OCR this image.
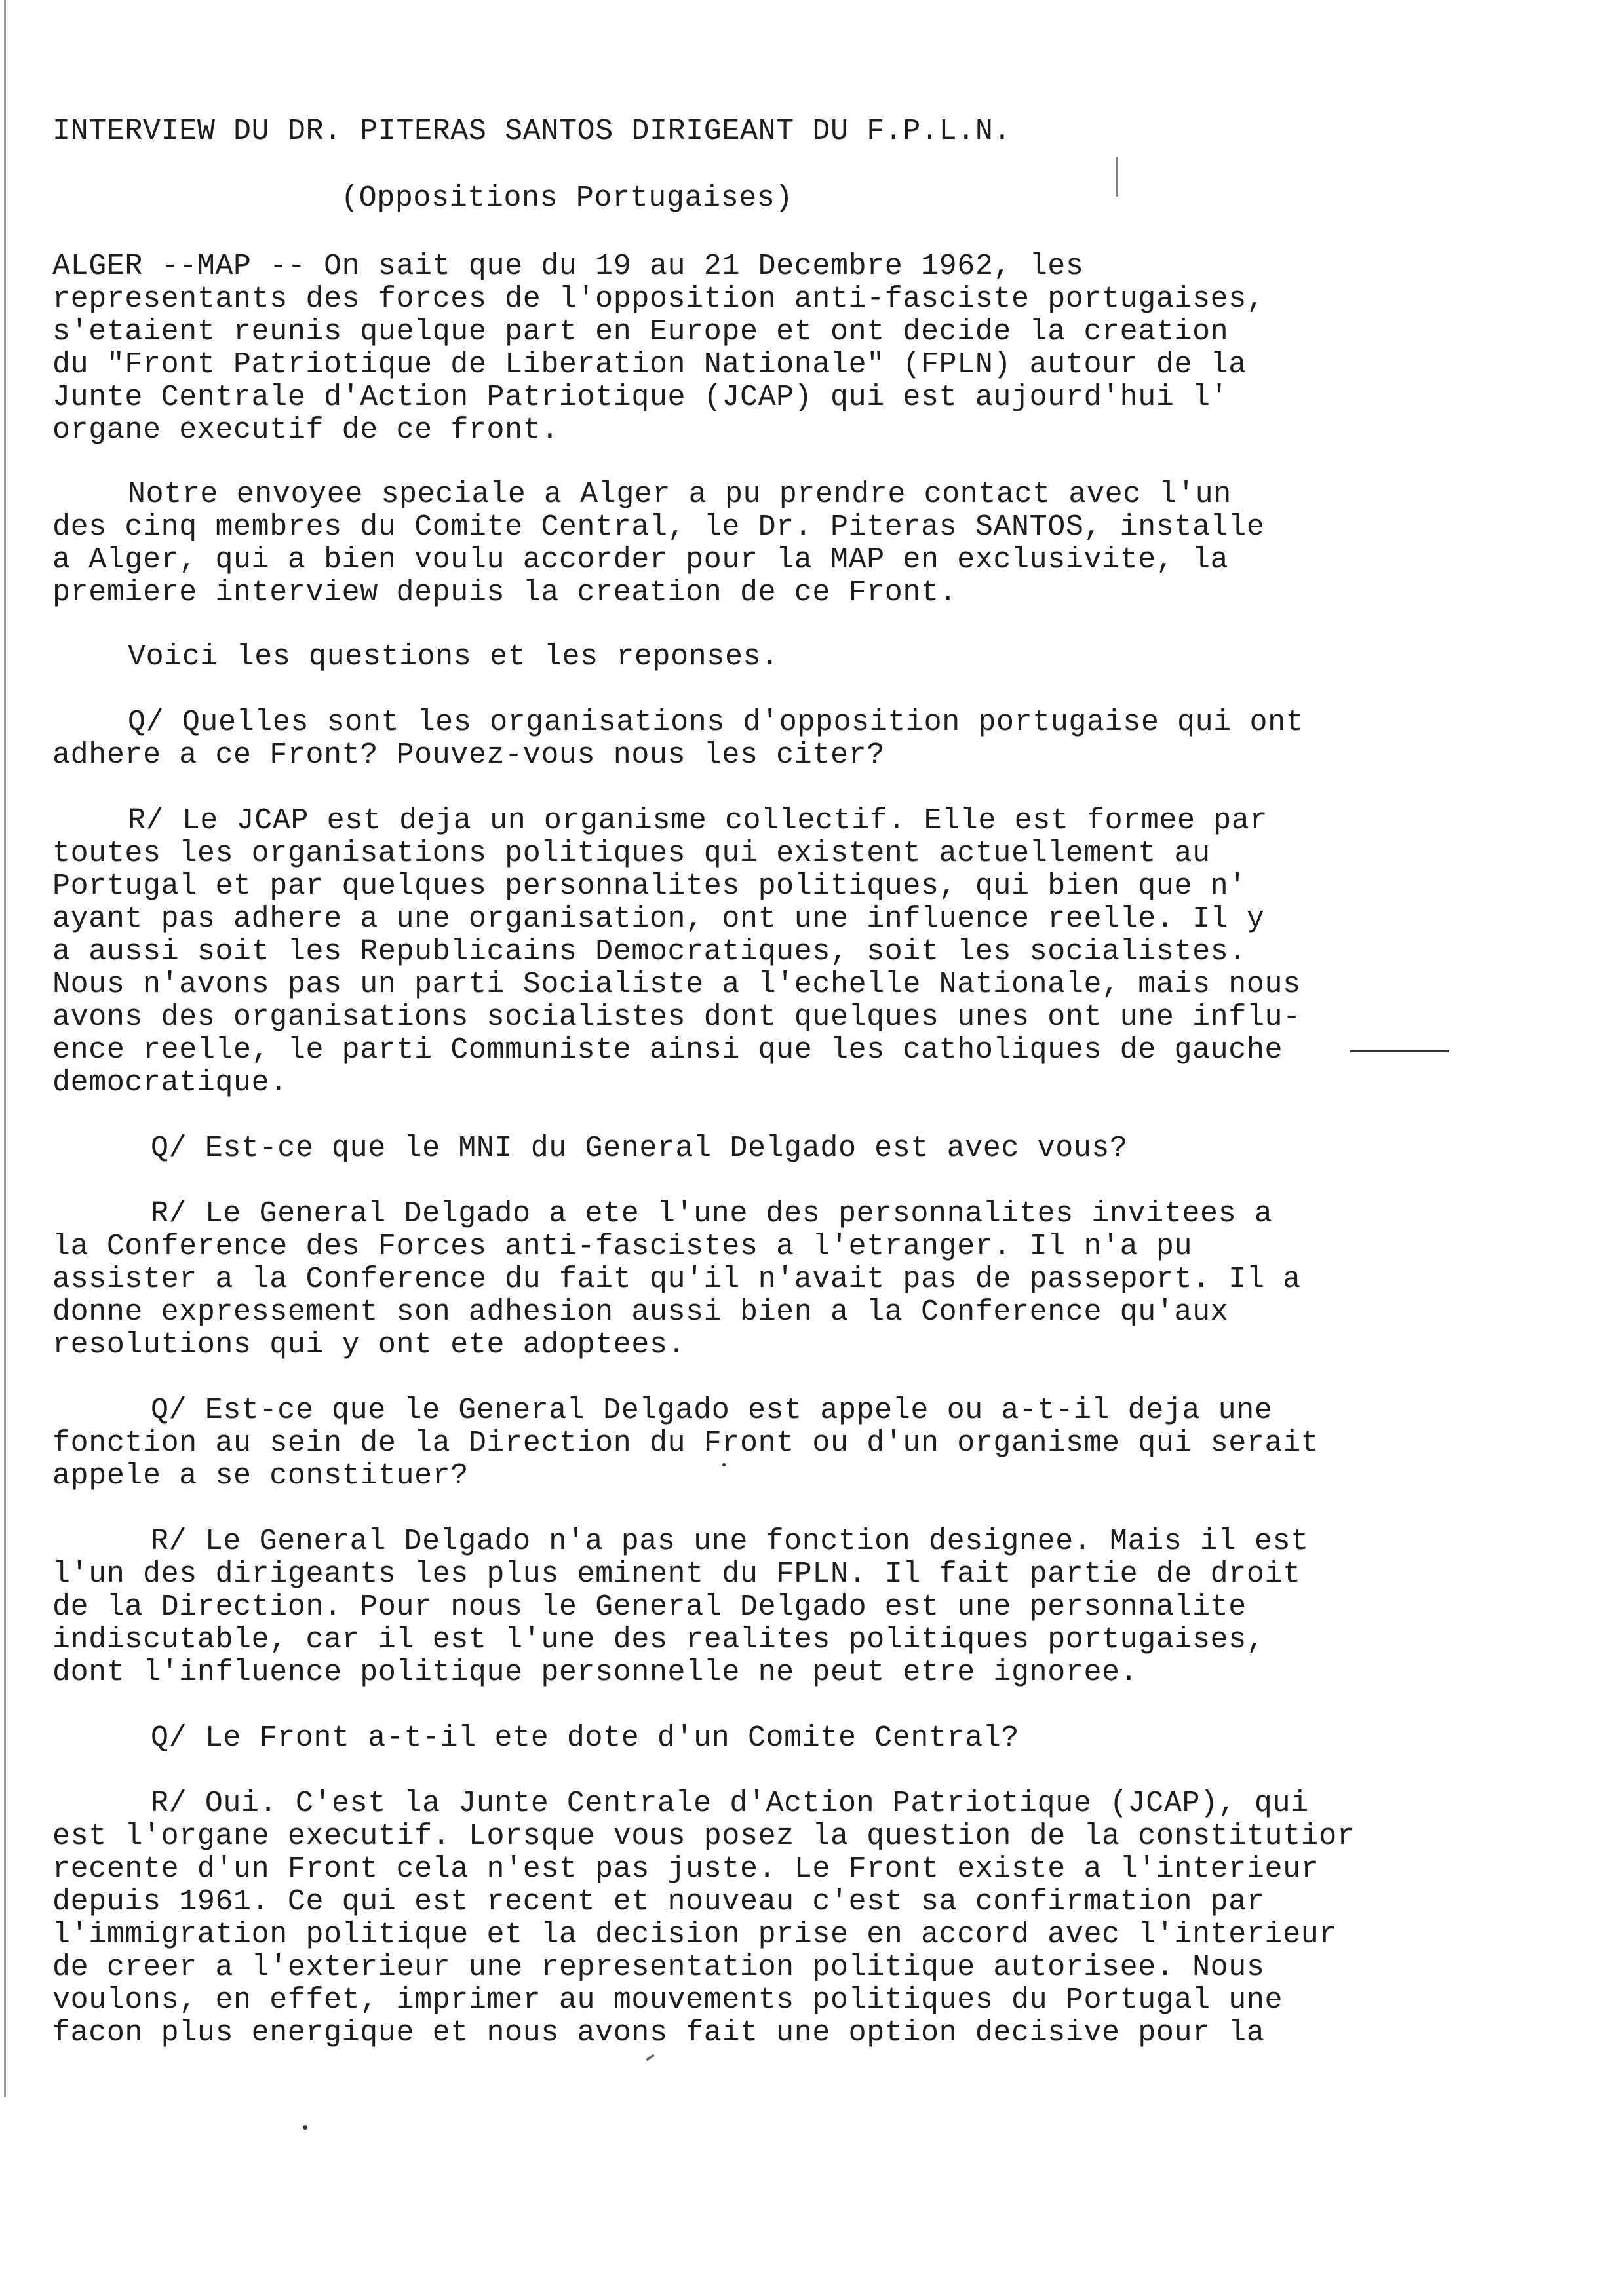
INTERVIEW DU DR. PITERAS SANTOS DIRIGEANT DU F.P.L.N.

(Oppositions Portugaises)

ALGER --MAP -- On sait que du 19 au 21 Decembre 1962, les

representants des forces de l'opposition anti-fasciste portugaises,

s'etaient reunis quelque part en Europe et ont decide la creation

du "Front Patriotique de Liberation Nationale" (FPLN) autour de la

Junte Centrale d'Action Patriotique (JCAP) qui est aujourd'hui l'

organe executif de ce front.

Notre envoyee speciale a Alger a pu prendre contact avec l'un

des cinq membres du Comite Central, le Dr. Piteras SANTOS, installe

a Alger, qui a bien voulu accorder pour la MAP en exclusivite, la

premiere interview depuis la creation de ce Front.

Voici les questions et les reponses.

Q/ Quelles sont les organisations d'opposition portugaise qui ont

adhere a ce Front? Pouvez-vous nous les citer?

R/ Le JCAP est deja un organisme collectif. Elle est formee par

toutes les organisations politiques qui existent actuellement au

Portugal et par quelques personnalites politiques, qui bien que n'

ayant pas adhere a une organisation, ont une influence reelle. Il y

a aussi soit les Republicains Democratiques, soit les socialistes.

Nous n'avons pas un parti Socialiste a l'echelle Nationale, mais nous

avons des organisations socialistes dont quelques unes ont une influ-

ence reelle, le parti Communiste ainsi que les catholiques de gauche

democratique.

Q/ Est-ce que le MNI du General Delgado est avec vous?

R/ Le General Delgado a ete l'une des personnalites invitees a

la Conference des Forces anti-fascistes a l'etranger. Il n'a pu

assister a la Conference du fait qu'il n'avait pas de passeport. Il a

donne expressement son adhesion aussi bien a la Conference qu'aux

resolutions qui y ont ete adoptees.

Q/ Est-ce que le General Delgado est appele ou a-t-il deja une

fonction au sein de la Direction du Front ou d'un organisme qui serait

appele a se constituer?

R/ Le General Delgado n'a pas une fonction designee. Mais il est

l'un des dirigeants les plus eminent du FPLN. Il fait partie de droit

de la Direction. Pour nous le General Delgado est une personnalite

indiscutable, car il est l'une des realites politiques portugaises,

dont l'influence politique personnelle ne peut etre ignoree.

Q/ Le Front a-t-il ete dote d'un Comite Central?

R/ Oui. C'est la Junte Centrale d'Action Patriotique (JCAP), qui

est l'organe executif. Lorsque vous posez la question de la constitutior

recente d'un Front cela n'est pas juste. Le Front existe a l'interieur

depuis 1961. Ce qui est recent et nouveau c'est sa confirmation par

l'immigration politique et la decision prise en accord avec l'interieur

de creer a l'exterieur une representation politique autorisee. Nous

voulons, en effet, imprimer au mouvements politiques du Portugal une

facon plus energique et nous avons fait une option decisive pour la
